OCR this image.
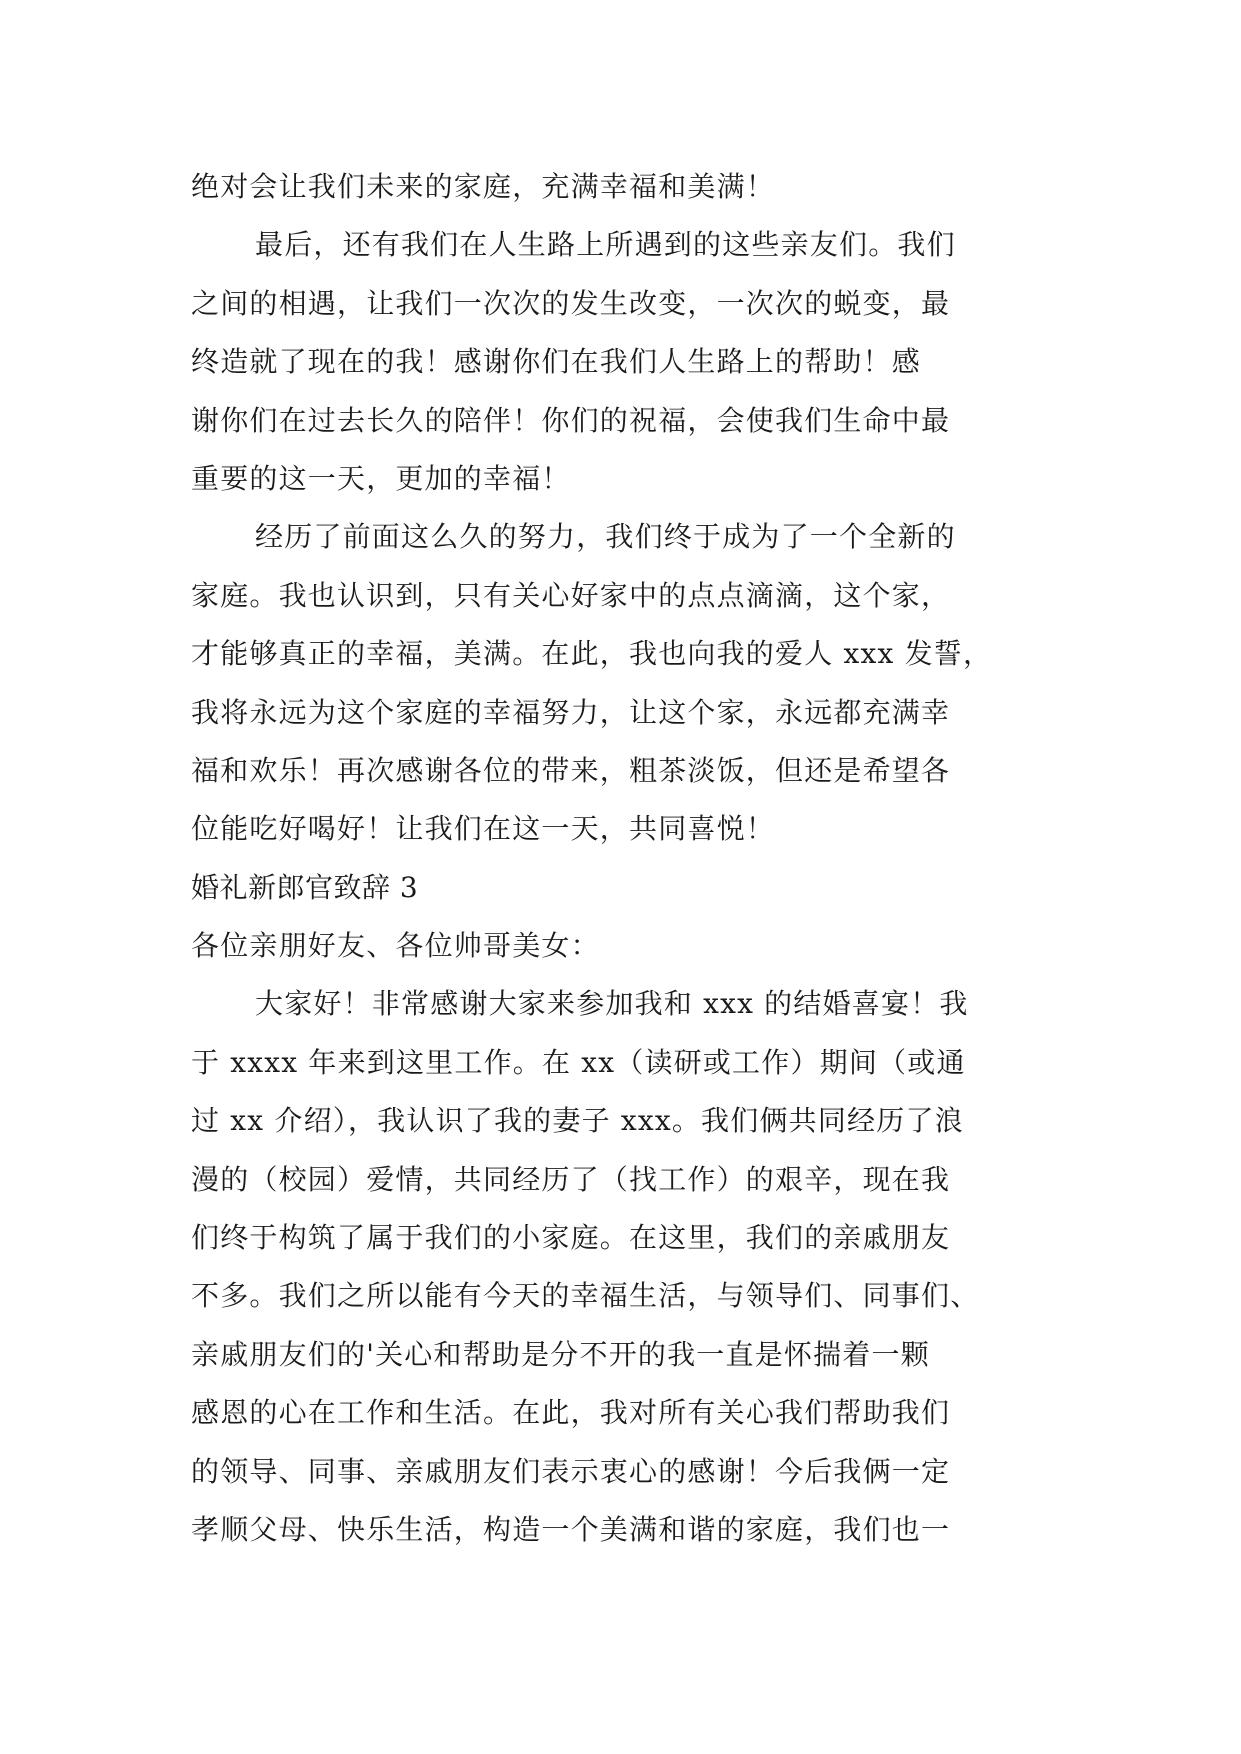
绝对会让我们未来的家庭，充满幸福和美满！
最后，还有我们在人生路上所遇到的这些亲友们。我们
之间的相遇，让我们一次次的发生改变，一次次的蜕变，最
终造就了现在的我！感谢你们在我们人生路上的帮助！感
谢你们在过去长久的陪伴！你们的祝福，会使我们生命中最
重要的这一天，更加的幸福！
经历了前面这么久的努力，我们终于成为了一个全新的
家庭。我也认识到，只有关心好家中的点点滴滴，这个家，
才能够真正的幸福，美满。在此，我也向我的爱人 xxx 发誓，
我将永远为这个家庭的幸福努力，让这个家，永远都充满幸
福和欢乐！再次感谢各位的带来，粗茶淡饭，但还是希望各
位能吃好喝好！让我们在这一天，共同喜悦！
婚礼新郎官致辞 3
各位亲朋好友、各位帅哥美女：
大家好！非常感谢大家来参加我和 xxx 的结婚喜宴！我
于 xxxx 年来到这里工作。在 xx（读研或工作）期间（或通
过 xx 介绍），我认识了我的妻子 xxx。我们俩共同经历了浪
漫的（校园）爱情，共同经历了（找工作）的艰辛，现在我
们终于构筑了属于我们的小家庭。在这里，我们的亲戚朋友
不多。我们之所以能有今天的幸福生活，与领导们、同事们、
亲戚朋友们的'关心和帮助是分不开的我一直是怀揣着一颗
感恩的心在工作和生活。在此，我对所有关心我们帮助我们
的领导、同事、亲戚朋友们表示衷心的感谢！今后我俩一定
孝顺父母、快乐生活，构造一个美满和谐的家庭，我们也一
